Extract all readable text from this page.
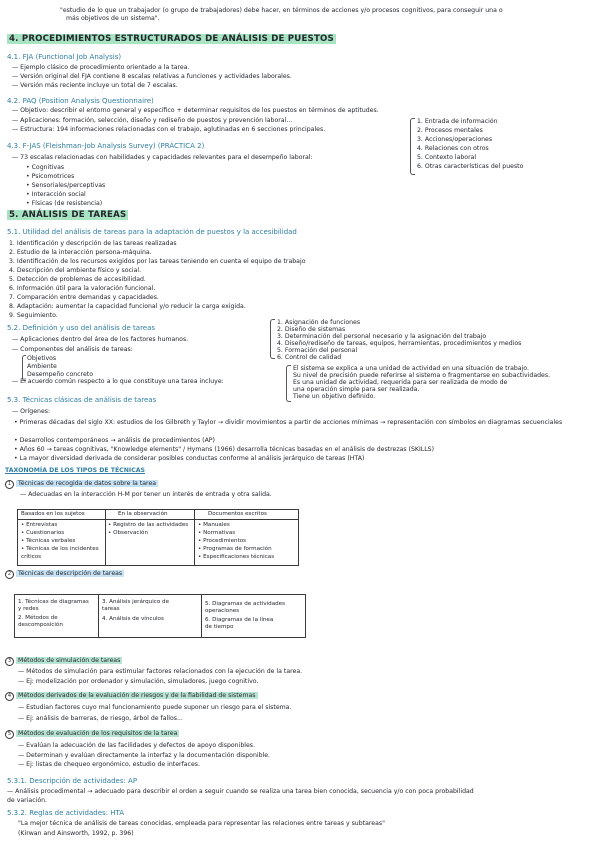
"estudio de lo que un trabajador (o grupo de trabajadores) debe hacer, en términos de acciones y/o procesos cognitivos, para conseguir una o
más objetivos de un sistema".
4. PROCEDIMIENTOS ESTRUCTURADOS DE ANÁLISIS DE PUESTOS
4.1. FJA (Functional Job Analysis)
— Ejemplo clásico de procedimiento orientado a la tarea.
— Versión original del FJA contiene 8 escalas relativas a funciones y actividades laborales.
— Versión más reciente incluye un total de 7 escalas.
4.2. PAQ (Position Analysis Questionnaire)
— Objetivo: describir el entorno general y específico + determinar requisitos de los puestos en términos de aptitudes.
— Aplicaciones: formación, selección, diseño y rediseño de puestos y prevención laboral...
— Estructura: 194 informaciones relacionadas con el trabajo, aglutinadas en 6 secciones principales.
1. Entrada de información
2. Procesos mentales
3. Acciones/operaciones
4. Relaciones con otros
5. Contexto laboral
6. Otras características del puesto
4.3. F-JAS (Fleishman-Job Analysis Survey) (PRÁCTICA 2)
— 73 escalas relacionadas con habilidades y capacidades relevantes para el desempeño laboral:
• Cognitivas
• Psicomotrices
• Sensoriales/perceptivas
• Interacción social
• Físicas (de resistencia)
5. ANÁLISIS DE TAREAS
5.1. Utilidad del análisis de tareas para la adaptación de puestos y la accesibilidad
1. Identificación y descripción de las tareas realizadas
2. Estudio de la interacción persona-máquina.
3. Identificación de los recursos exigidos por las tareas teniendo en cuenta el equipo de trabajo
4. Descripción del ambiente físico y social.
5. Detección de problemas de accesibilidad.
6. Información útil para la valoración funcional.
7. Comparación entre demandas y capacidades.
8. Adaptación: aumentar la capacidad funcional y/o reducir la carga exigida.
9. Seguimiento.
5.2. Definición y uso del análisis de tareas
— Aplicaciones dentro del área de los factores humanos.
— Componentes del análisis de tareas:
Objetivos
Ambiente
Desempeño concreto
— El acuerdo común respecto a lo que constituye una tarea incluye:
1. Asignación de funciones
2. Diseño de sistemas
3. Determinación del personal necesario y la asignación del trabajo
4. Diseño/rediseño de tareas, equipos, herramientas, procedimientos y medios
5. Formación del personal
6. Control de calidad
El sistema se explica a una unidad de actividad en una situación de trabajo.
Su nivel de precisión puede referirse al sistema o fragmentarse en subactividades.
Es una unidad de actividad, requerida para ser realizada de modo de
una operación simple para ser realizada.
Tiene un objetivo definido.
5.3. Técnicas clásicas de análisis de tareas
— Orígenes:
• Primeras décadas del siglo XX: estudios de los Gilbreth y Taylor → dividir movimientos a partir de acciones mínimas → representación con símbolos en diagramas secuenciales
• Desarrollos contemporáneos → análisis de procedimientos (AP)
• Años 60 → tareas cognitivas, "Knowledge elements" / Hymans (1966) desarrolla técnicas basadas en el análisis de destrezas (SKILLS)
• La mayor diversidad derivada de considerar posibles conductas conforme al análisis jerárquico de tareas (HTA)
TAXONOMÍA DE LOS TIPOS DE TÉCNICAS
1 Técnicas de recogida de datos sobre la tarea
— Adecuadas en la interacción H-M por tener un interés de entrada y otra salida.
Basados en los sujetos	En la observación	Documentos escritos
• Entrevistas
• Cuestionarios
• Técnicas verbales
• Técnicas de los incidentes
críticos
• Registro de las actividades
• Observación
• Manuales
• Normativas
• Procedimientos
• Programas de formación
• Especificaciones técnicas
2 Técnicas de descripción de tareas
1. Técnicas de diagramas
y redes
2. Métodos de
descomposición
3. Análisis jerárquico de
tareas
4. Análisis de vínculos
5. Diagramas de actividades
operaciones
6. Diagramas de la línea
de tiempo
3 Métodos de simulación de tareas
— Métodos de simulación para estimular factores relacionados con la ejecución de la tarea.
— Ej: modelización por ordenador y simulación, simuladores, juego cognitivo.
4 Métodos derivados de la evaluación de riesgos y de la fiabilidad de sistemas
— Estudian factores cuyo mal funcionamiento puede suponer un riesgo para el sistema.
— Ej: análisis de barreras, de riesgo, árbol de fallos...
5 Métodos de evaluación de los requisitos de la tarea
— Evalúan la adecuación de las facilidades y defectos de apoyo disponibles.
— Determinan y evalúan directamente la interfaz y la documentación disponible.
— Ej: listas de chequeo ergonómico, estudio de interfaces.
5.3.1. Descripción de actividades: AP
— Análisis procedimental → adecuado para describir el orden a seguir cuando se realiza una tarea bien conocida, secuencia y/o con poca probabilidad
de variación.
5.3.2. Reglas de actividades: HTA
"La mejor técnica de análisis de tareas conocidas, empleada para representar las relaciones entre tareas y subtareas"
(Kirwan and Ainsworth, 1992, p. 396)
